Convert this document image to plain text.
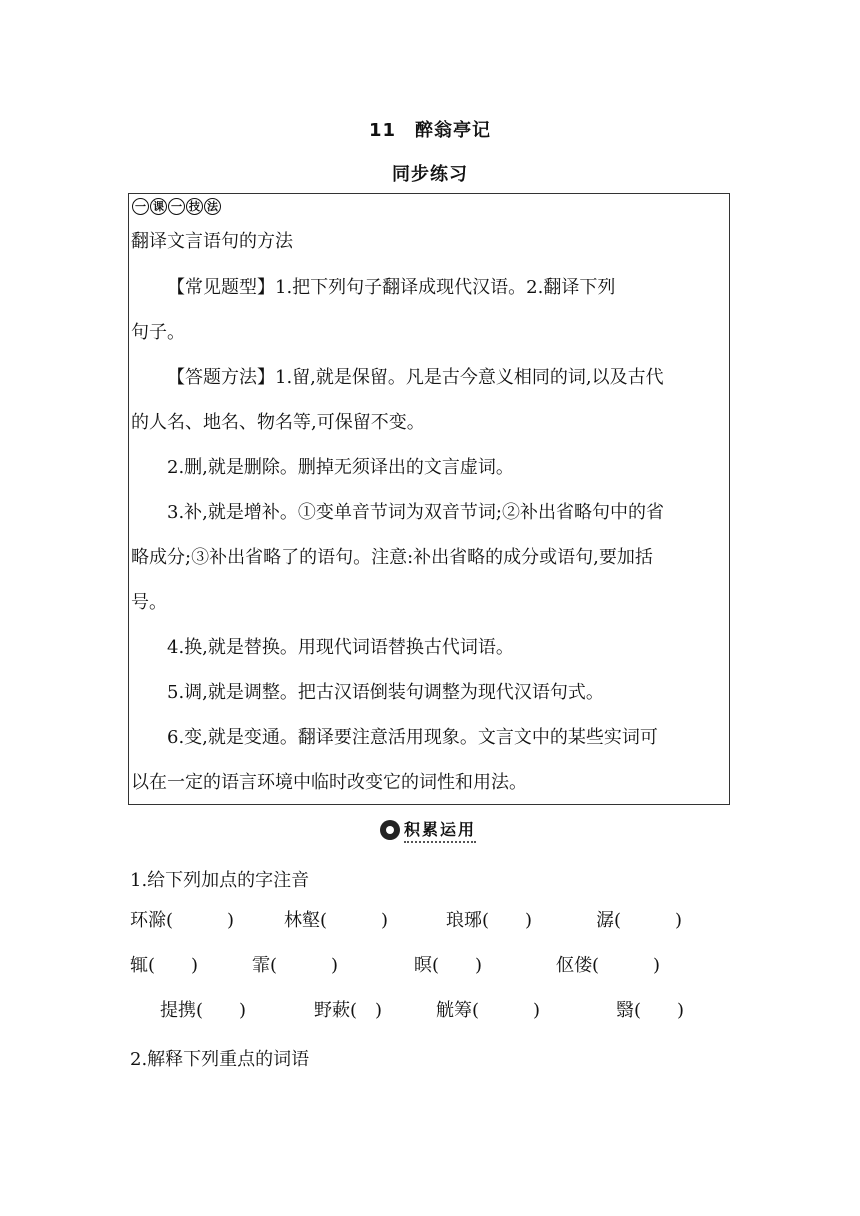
11　醉翁亭记
同步练习
一 课 一 技 法
翻译文言语句的方法
【常见题型】1.把下列句子翻译成现代汉语。2.翻译下列
句子。
【答题方法】1.留,就是保留。凡是古今意义相同的词,以及古代
的人名、地名、物名等,可保留不变。
2.删,就是删除。删掉无须译出的文言虚词。
3.补,就是增补。①变单音节词为双音节词;②补出省略句中的省
略成分;③补出省略了的语句。注意:补出省略的成分或语句,要加括
号。
4.换,就是替换。用现代词语替换古代词语。
5.调,就是调整。把古汉语倒装句调整为现代汉语句式。
6.变,就是变通。翻译要注意活用现象。文言文中的某些实词可
以在一定的语言环境中临时改变它的词性和用法。
积累运用
1.给下列加点的字注音
环滁(　　　)	林壑(　　　)	琅琊(　　)	潺(　　　)
辄(　　)	霏(　　　)	暝(　　)	伛偻(　　　)
提携(　　)	野蔌(　)	觥筹(　　　)	翳(　　)
2.解释下列重点的词语
